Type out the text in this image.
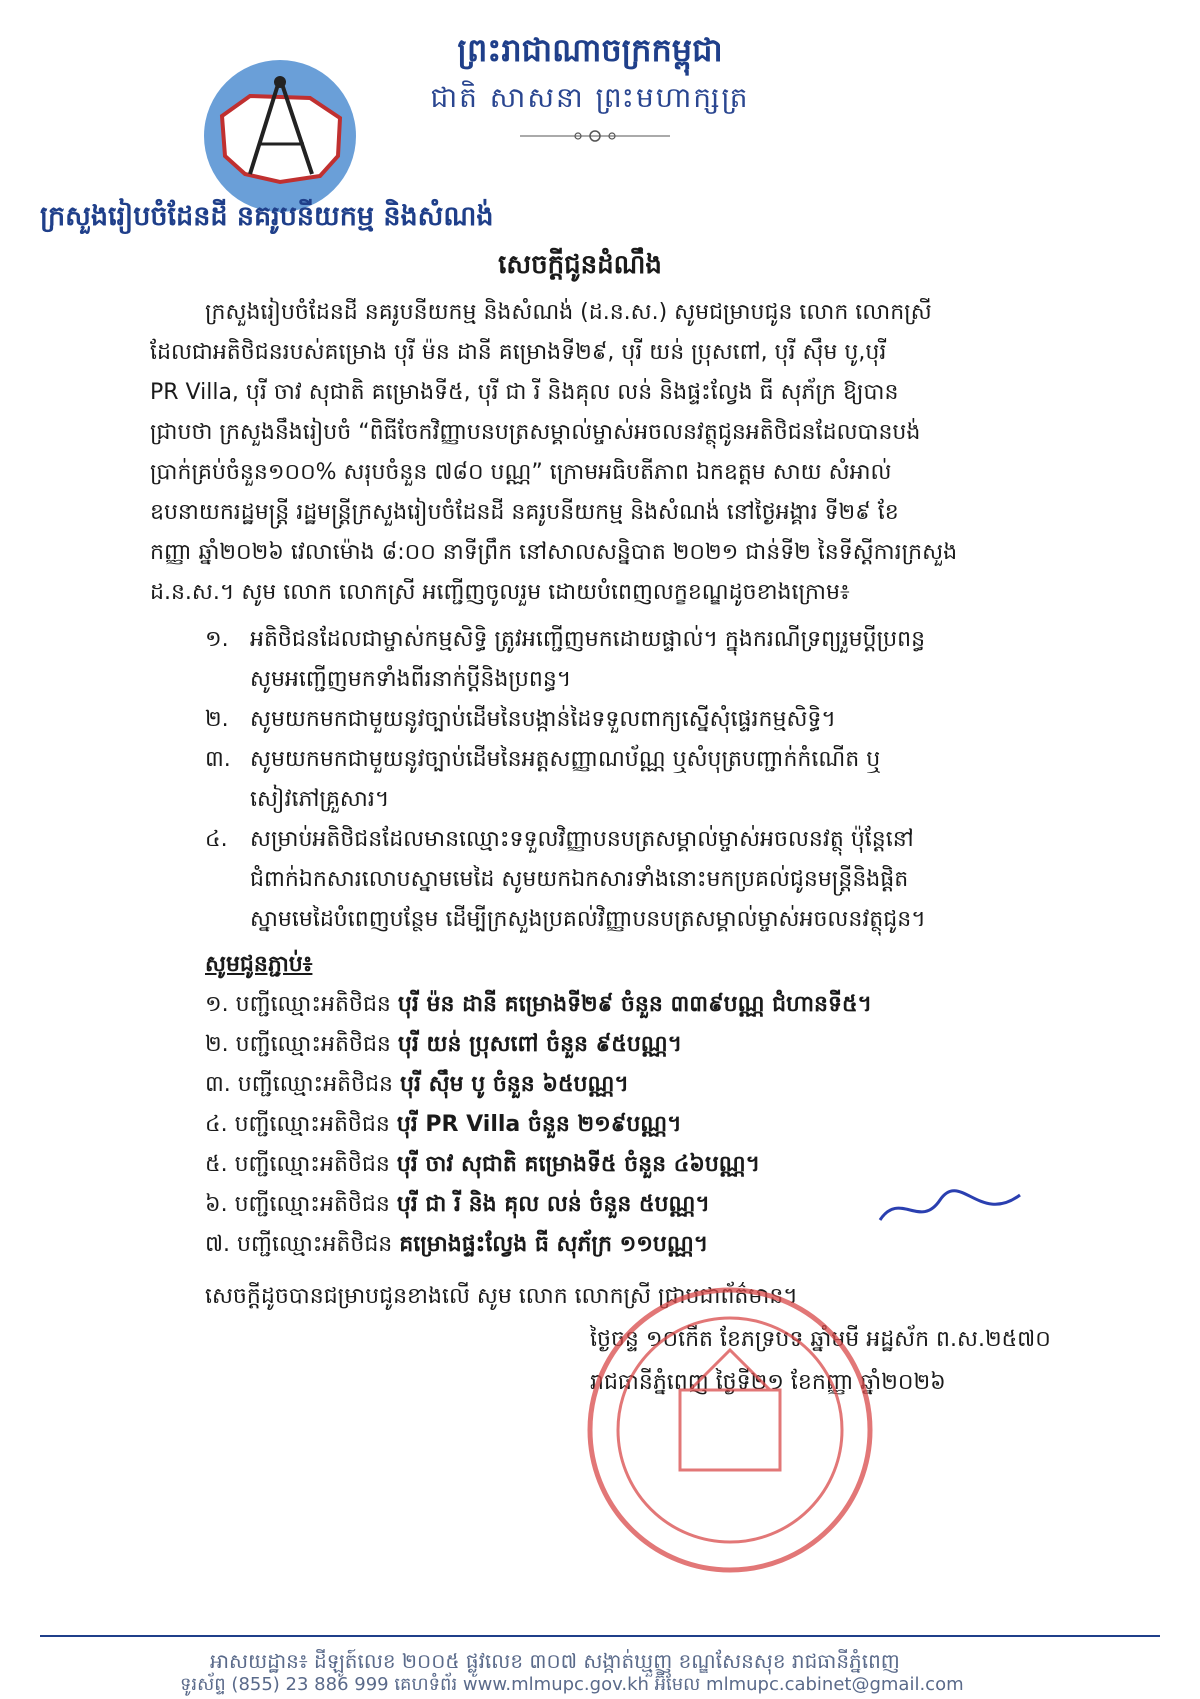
ព្រះរាជាណាចក្រកម្ពុជា
ជាតិ សាសនា ព្រះមហាក្សត្រ
ក្រសួងរៀបចំដែនដី នគរូបនីយកម្ម និងសំណង់
សេចក្ដីជូនដំណឹង
ក្រសួងរៀបចំដែនដី នគរូបនីយកម្ម និងសំណង់ (ដ.ន.ស.) សូមជម្រាបជូន លោក លោកស្រី
ដែលជាអតិថិជនរបស់គម្រោង បុរី ម៉ន ដានី គម្រោងទី២៩, បុរី យន់ ប្រុសពៅ, បុរី ស៊ឹម បូ,បុរី
PR Villa, បុរី ចាវ សុជាតិ គម្រោងទី៥, បុរី ជា រី និងគុល លន់ និងផ្ទះល្វែង ធី សុភ័ក្រ ឱ្យបាន
ជ្រាបថា ក្រសួងនឹងរៀបចំ “ពិធីចែកវិញ្ញាបនបត្រសម្គាល់ម្ចាស់អចលនវត្ថុជូនអតិថិជនដែលបានបង់
ប្រាក់គ្រប់ចំនួន១០០% សរុបចំនួន ៧៨០ បណ្ណ” ក្រោមអធិបតីភាព ឯកឧត្ដម សាយ សំអាល់
ឧបនាយករដ្ឋមន្ត្រី រដ្ឋមន្ត្រីក្រសួងរៀបចំដែនដី នគរូបនីយកម្ម និងសំណង់ នៅថ្ងៃអង្គារ ទី២៩ ខែ
កញ្ញា ឆ្នាំ២០២៦ វេលាម៉ោង ៨:០០ នាទីព្រឹក នៅសាលសន្និបាត ២០២១ ជាន់ទី២ នៃទីស្ដីការក្រសួង
ដ.ន.ស.។ សូម លោក លោកស្រី អញ្ជើញចូលរួម ដោយបំពេញលក្ខខណ្ឌដូចខាងក្រោម៖
១. អតិថិជនដែលជាម្ចាស់កម្មសិទ្ធិ ត្រូវអញ្ជើញមកដោយផ្ទាល់។ ក្នុងករណីទ្រព្យរួមប្ដីប្រពន្ធ
សូមអញ្ជើញមកទាំងពីរនាក់ប្ដីនិងប្រពន្ធ។
២. សូមយកមកជាមួយនូវច្បាប់ដើមនៃបង្កាន់ដៃទទួលពាក្យស្នើសុំផ្ទេរកម្មសិទ្ធិ។
៣. សូមយកមកជាមួយនូវច្បាប់ដើមនៃអត្តសញ្ញាណប័ណ្ណ ឬសំបុត្របញ្ជាក់កំណើត ឬ
សៀវភៅគ្រួសារ។
៤. សម្រាប់អតិថិជនដែលមានឈ្មោះទទួលវិញ្ញាបនបត្រសម្គាល់ម្ចាស់អចលនវត្ថុ ប៉ុន្តែនៅ
ជំពាក់ឯកសារលោបស្នាមមេដៃ សូមយកឯកសារទាំងនោះមកប្រគល់ជូនមន្ត្រីនិងផ្តិត
ស្នាមមេដៃបំពេញបន្ថែម ដើម្បីក្រសួងប្រគល់វិញ្ញាបនបត្រសម្គាល់ម្ចាស់អចលនវត្ថុជូន។
សូមជូនភ្ជាប់៖
១. បញ្ជីឈ្មោះអតិថិជន បុរី ម៉ន ដានី គម្រោងទី២៩ ចំនួន ៣៣៩បណ្ណ ជំហានទី៥។
២. បញ្ជីឈ្មោះអតិថិជន បុរី យន់ ប្រុសពៅ ចំនួន ៩៥បណ្ណ។
៣. បញ្ជីឈ្មោះអតិថិជន បុរី ស៊ឹម បូ ចំនួន ៦៥បណ្ណ។
៤. បញ្ជីឈ្មោះអតិថិជន បុរី PR Villa ចំនួន ២១៩បណ្ណ។
៥. បញ្ជីឈ្មោះអតិថិជន បុរី ចាវ សុជាតិ គម្រោងទី៥ ចំនួន ៤៦បណ្ណ។
៦. បញ្ជីឈ្មោះអតិថិជន បុរី ជា រី និង គុល លន់ ចំនួន ៥បណ្ណ។
៧. បញ្ជីឈ្មោះអតិថិជន គម្រោងផ្ទះល្វែង ធី សុភ័ក្រ ១១បណ្ណ។
សេចក្ដីដូចបានជម្រាបជូនខាងលើ សូម លោក លោកស្រី ជ្រាបជាព័ត៌មាន។
ថ្ងៃចន្ទ ១០កើត ខែភទ្របទ ឆ្នាំមមី អដ្ឋស័ក ព.ស.២៥៧០
រាជធានីភ្នំពេញ ថ្ងៃទី២១ ខែកញ្ញា ឆ្នាំ២០២៦
អាសយដ្ឋាន៖ ដីឡូត៍លេខ ២០០៥ ផ្លូវលេខ ៣០៧ សង្កាត់ឃ្មួញ ខណ្ឌសែនសុខ រាជធានីភ្នំពេញ
ទូរស័ព្ទ (855) 23 886 999 គេហទំព័រ www.mlmupc.gov.kh អ៊ីមែល mlmupc.cabinet@gmail.com
